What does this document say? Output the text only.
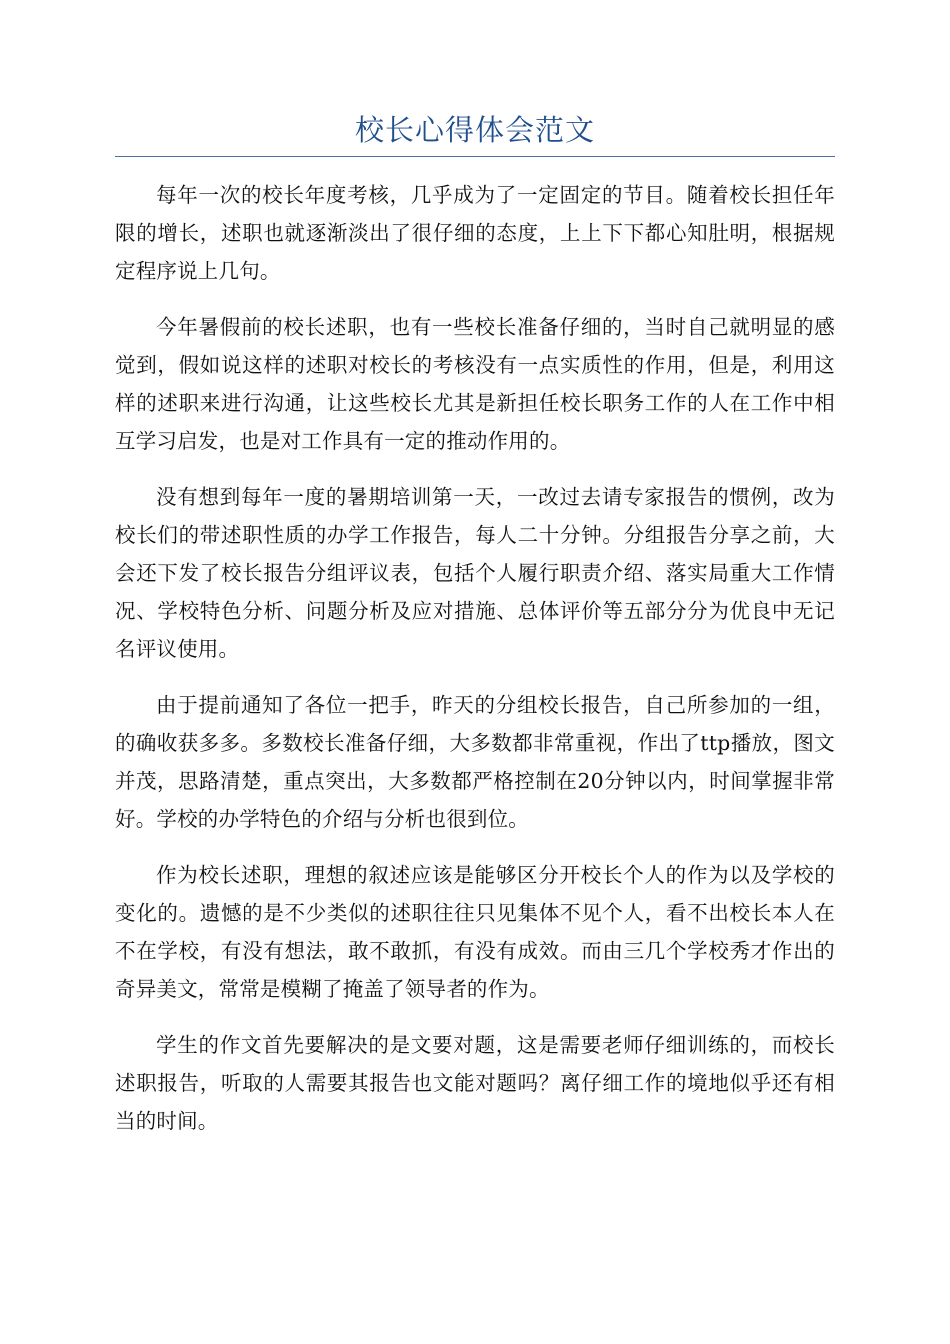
校长心得体会范文

每年一次的校长年度考核，几乎成为了一定固定的节目。随着校长担任年限的增长，述职也就逐渐淡出了很仔细的态度，上上下下都心知肚明，根据规定程序说上几句。

今年暑假前的校长述职，也有一些校长准备仔细的，当时自己就明显的感觉到，假如说这样的述职对校长的考核没有一点实质性的作用，但是，利用这样的述职来进行沟通，让这些校长尤其是新担任校长职务工作的人在工作中相互学习启发，也是对工作具有一定的推动作用的。

没有想到每年一度的暑期培训第一天，一改过去请专家报告的惯例，改为校长们的带述职性质的办学工作报告，每人二十分钟。分组报告分享之前，大会还下发了校长报告分组评议表，包括个人履行职责介绍、落实局重大工作情况、学校特色分析、问题分析及应对措施、总体评价等五部分分为优良中无记名评议使用。

由于提前通知了各位一把手，昨天的分组校长报告，自己所参加的一组，的确收获多多。多数校长准备仔细，大多数都非常重视，作出了ttp播放，图文并茂，思路清楚，重点突出，大多数都严格控制在20分钟以内，时间掌握非常好。学校的办学特色的介绍与分析也很到位。

作为校长述职，理想的叙述应该是能够区分开校长个人的作为以及学校的变化的。遗憾的是不少类似的述职往往只见集体不见个人，看不出校长本人在不在学校，有没有想法，敢不敢抓，有没有成效。而由三几个学校秀才作出的奇异美文，常常是模糊了掩盖了领导者的作为。

学生的作文首先要解决的是文要对题，这是需要老师仔细训练的，而校长述职报告，听取的人需要其报告也文能对题吗？离仔细工作的境地似乎还有相当的时间。
